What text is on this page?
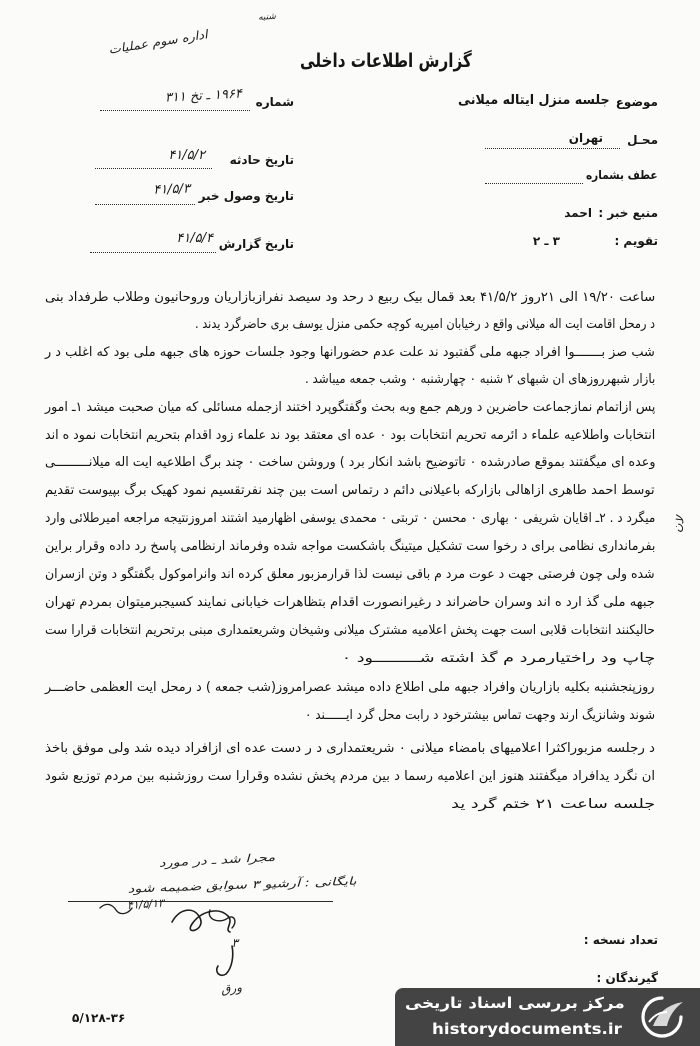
شنبه
اداره سوم عملیات
گزارش اطلاعات داخلی
شماره
۱۹۶۴ ـ تخ ۳۱۱
تاریخ حادثه
۴۱/۵/۲
تاریخ وصول خبر
۴۱/۵/۳
تاریخ گزارش
۴۱/۵/۴
موضوع
جلسه منزل ایتاله میلانی
محـل
تهران
عطف بشماره
منبع خبر :
احمد
تقویم :
۳ ـ ۲
ساعت ۱۹/۲۰ الی ۲۱روز ۴۱/۵/۲ بعد قمال بیک ربیع د رحد ود سیصد نفرازبازاریان وروحانیون وطلاب طرفداد بنی
د رمحل اقامت ایت اله میلانی واقع د رخیابان امیریه کوچه حکمی منزل یوسف بری حاضرگرد یدند .
شب صز بـــــــوا افراد جبهه ملی گفتبود ند علت عدم حضورانها وجود جلسات حوزه های جبهه ملی بود که اغلب د ر
بازار شبهرروزهای ان شبهای ۲ شنبه ۰ چهارشنبه ۰ وشب جمعه میباشد .
پس ازاتمام نمازجماعت حاضرین د ورهم جمع وبه بحث وگفتگوپرد اختند ازجمله مسائلی که میان صحبت میشد ۱ـ امور
انتخابات واطلاعیه علماء د ائرمه تحریم انتخابات بود ۰ عده ای معتقد بود ند علماء زود اقدام بتحریم انتخابات نمود ه اند
وعده ای میگفتند بموقع صادرشده ۰ تاتوضیح باشد انکار برد ) وروشن ساخت ۰ چند برگ اطلاعیه ایت اله میلانـــــــــی
توسط احمد طاهری ازاهالی بازارکه باعیلانی دائم د رتماس است بین چند نفرتقسیم نمود کهیک برگ بپیوست تقدیم
میگرد د . ۲ـ اقایان شریفی ۰ بهاری ۰ محسن ۰ تربتی ۰ محمدی یوسفی اظهارمید اشتند امروزنتیجه مراجعه امیرطلائی وارد
بفرمانداری نظامی برای د رخوا ست تشکیل میتینگ باشکست مواجه شده وفرماند ارنظامی پاسخ رد داده وقرار براین
شده ولی چون فرصتی جهت د عوت مرد م باقی نیست لذا قرارمزبور معلق کرده اند وانراموکول بگفتگو د وتن ازسران
جبهه ملی گذ ارد ه اند وسران حاضراند د رغیرانصورت اقدام بتظاهرات خیابانی نمایند کسیجبرمیتوان بمردم تهران
حالیکنند انتخابات قلابی است جهت پخش اعلامیه مشترک میلانی وشیخان وشریعتمداری مبنی برتحریم انتخابات قرارا ست
چاپ ود راختیارمرد م گذ اشته شـــــــــود ۰
روزپنجشنبه بکلیه بازاریان وافراد جبهه ملی اطلاع داده میشد عصرامروز(شب جمعه ) د رمحل ایت العظمی حاضـــر
شوند وشانزیگ ارند وجهت تماس بیشترخود د رابت محل گرد ایــــــند ۰
د رجلسه مزبوراکثرا اعلامیهای بامضاء میلانی ۰ شریعتمداری د ر دست عده ای ازافراد دیده شد ولی موفق باخذ
ان نگرد یدافراد میگفتند هنوز این اعلامیه رسما د بین مردم پخش نشده وقرارا ست روزشنبه بین مردم توزیع شود
جلسه ساعت ۲۱ ختم گرد ید
لان
مجرا شد ـ در مورد
بایگانی : آرشیو ۳ سوابق ضمیمه شود
۴۱/۵/۱۳
۳
ورق
تعداد نسخه :
گیرندگان :
۵/۱۲۸-۳۶
مرکز بررسی اسناد تاریخی
historydocuments.ir
